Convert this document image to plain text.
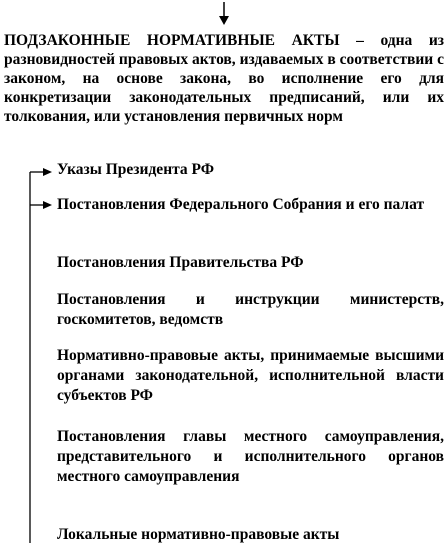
ПОДЗАКОННЫЕ НОРМАТИВНЫЕ АКТЫ – одна из разновидностей правовых актов, издаваемых в соответствии с законом, на основе закона, во исполнение его для конкретизации законодательных предписаний, или их толкования, или установления первичных норм
Указы Президента РФ
Постановления Федерального Собрания и его палат
Постановления Правительства РФ
Постановления и инструкции министерств, госкомитетов, ведомств
Нормативно-правовые акты, принимаемые высшими органами законодательной, исполнительной власти субъектов РФ
Постановления главы местного самоуправления, представительного и исполнительного органов местного самоуправления
Локальные нормативно-правовые акты
